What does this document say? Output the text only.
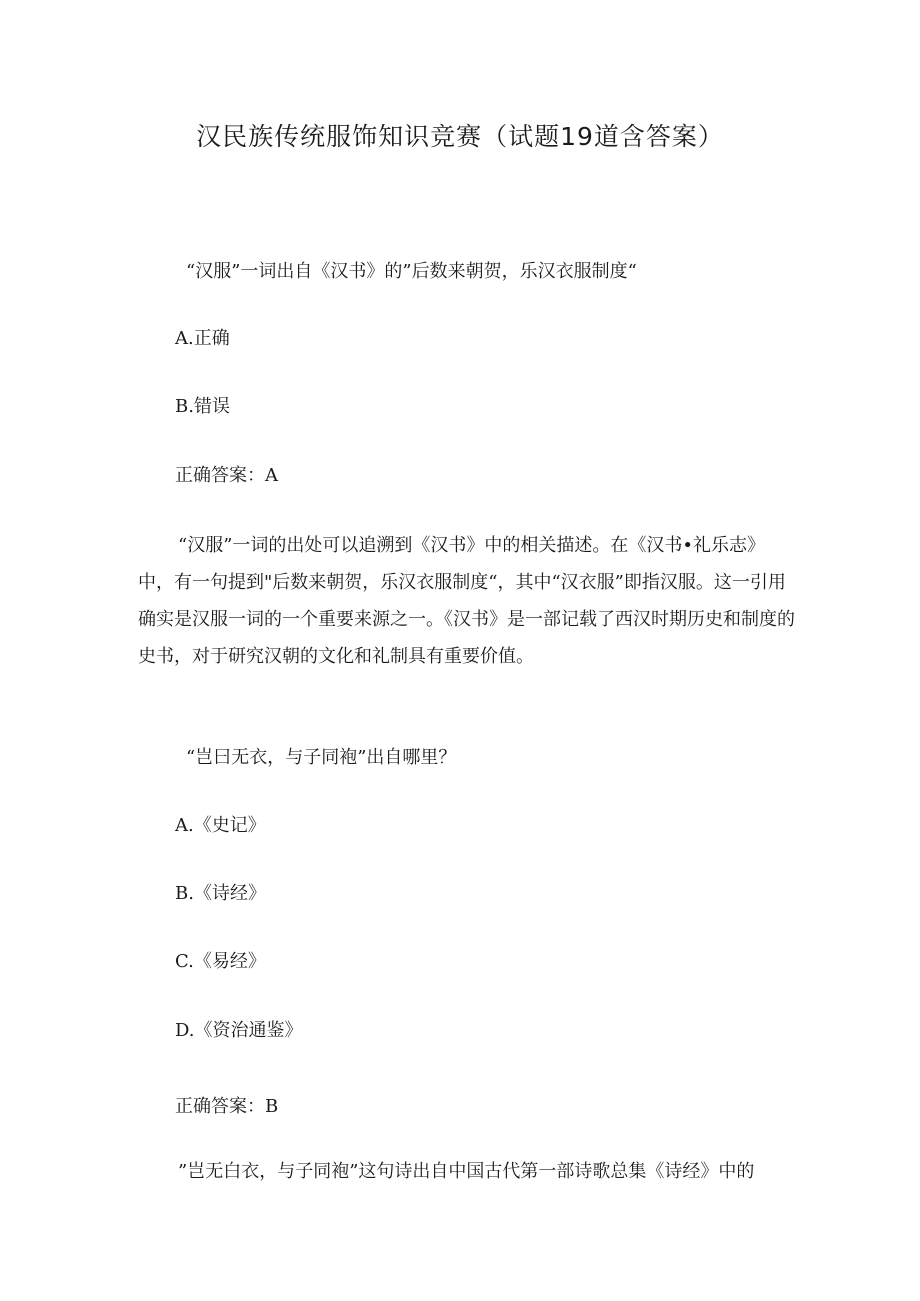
汉民族传统服饰知识竞赛（试题19道含答案）

“汉服”一词出自《汉书》的”后数来朝贺，乐汉衣服制度“

A.正确

B.错误

正确答案：A

“汉服”一词的出处可以追溯到《汉书》中的相关描述。在《汉书•礼乐志》中，有一句提到"后数来朝贺，乐汉衣服制度“，其中“汉衣服”即指汉服。这一引用确实是汉服一词的一个重要来源之一。《汉书》是一部记载了西汉时期历史和制度的史书，对于研究汉朝的文化和礼制具有重要价值。

“岂曰无衣，与子同袍”出自哪里？

A.《史记》

B.《诗经》

C.《易经》

D.《资治通鉴》

正确答案：B

”岂无白衣，与子同袍”这句诗出自中国古代第一部诗歌总集《诗经》中的
